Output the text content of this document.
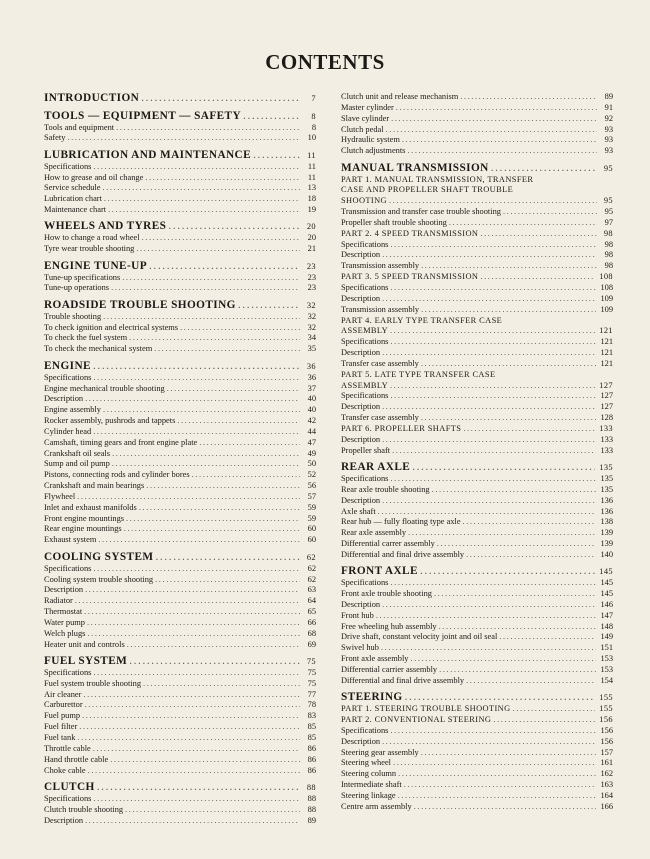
CONTENTS
INTRODUCTION .....	7
TOOLS — EQUIPMENT — SAFETY .....	8
Tools and equipment .....	8
Safety .....	10
LUBRICATION AND MAINTENANCE .....	11
Specifications .....	11
How to grease and oil change .....	11
Service schedule .....	13
Lubrication chart .....	18
Maintenance chart .....	19
WHEELS AND TYRES .....	20
How to change a road wheel .....	20
Tyre wear trouble shooting .....	21
ENGINE TUNE-UP .....	23
Tune-up specifications .....	23
Tune-up operations .....	23
ROADSIDE TROUBLE SHOOTING .....	32
Trouble shooting .....	32
To check ignition and electrical systems .....	32
To check the fuel system .....	34
To check the mechanical system .....	35
ENGINE .....	36
Specifications .....	36
Engine mechanical trouble shooting .....	37
Description .....	40
Engine assembly .....	40
Rocker assembly, pushrods and tappets .....	42
Cylinder head .....	44
Camshaft, timing gears and front engine plate .....	47
Crankshaft oil seals .....	49
Sump and oil pump .....	50
Pistons, connecting rods and cylinder bores .....	52
Crankshaft and main bearings .....	56
Flywheel .....	57
Inlet and exhaust manifolds .....	59
Front engine mountings .....	59
Rear engine mountings .....	60
Exhaust system .....	60
COOLING SYSTEM .....	62
Specifications .....	62
Cooling system trouble shooting .....	62
Description .....	63
Radiator .....	64
Thermostat .....	65
Water pump .....	66
Welch plugs .....	68
Heater unit and controls .....	69
FUEL SYSTEM .....	75
Specifications .....	75
Fuel system trouble shooting .....	75
Air cleaner .....	77
Carburettor .....	78
Fuel pump .....	83
Fuel filter .....	85
Fuel tank .....	85
Throttle cable .....	86
Hand throttle cable .....	86
Choke cable .....	86
CLUTCH .....	88
Specifications .....	88
Clutch trouble shooting .....	88
Description .....	89
Clutch unit and release mechanism .....	89
Master cylinder .....	91
Slave cylinder .....	92
Clutch pedal .....	93
Hydraulic system .....	93
Clutch adjustments .....	93
MANUAL TRANSMISSION .....	95
PART 1. MANUAL TRANSMISSION, TRANSFER
CASE AND PROPELLER SHAFT TROUBLE
SHOOTING .....	95
Transmission and transfer case trouble shooting .....	95
Propeller shaft trouble shooting .....	97
PART 2. 4 SPEED TRANSMISSION .....	98
Specifications .....	98
Description .....	98
Transmission assembly .....	98
PART 3. 5 SPEED TRANSMISSION .....	108
Specifications .....	108
Description .....	109
Transmission assembly .....	109
PART 4. EARLY TYPE TRANSFER CASE
ASSEMBLY .....	121
Specifications .....	121
Description .....	121
Transfer case assembly .....	121
PART 5. LATE TYPE TRANSFER CASE
ASSEMBLY .....	127
Specifications .....	127
Description .....	127
Transfer case assembly .....	128
PART 6. PROPELLER SHAFTS .....	133
Description .....	133
Propeller shaft .....	133
REAR AXLE .....	135
Specifications .....	135
Rear axle trouble shooting .....	135
Description .....	136
Axle shaft .....	136
Rear hub — fully floating type axle .....	138
Rear axle assembly .....	139
Differential carrer assembly .....	139
Differential and final drive assembly .....	140
FRONT AXLE .....	145
Specifications .....	145
Front axle trouble shooting .....	145
Description .....	146
Front hub .....	147
Free wheeling hub assembly .....	148
Drive shaft, constant velocity joint and oil seal .....	149
Swivel hub .....	151
Front axle assembly .....	153
Differential carrier assembly .....	153
Differential and final drive assembly .....	154
STEERING .....	155
PART 1. STEERING TROUBLE SHOOTING .....	155
PART 2. CONVENTIONAL STEERING .....	156
Specifications .....	156
Description .....	156
Steering gear assembly .....	157
Steering wheel .....	161
Steering column .....	162
Intermediate shaft .....	163
Steering linkage .....	164
Centre arm assembly .....	166
